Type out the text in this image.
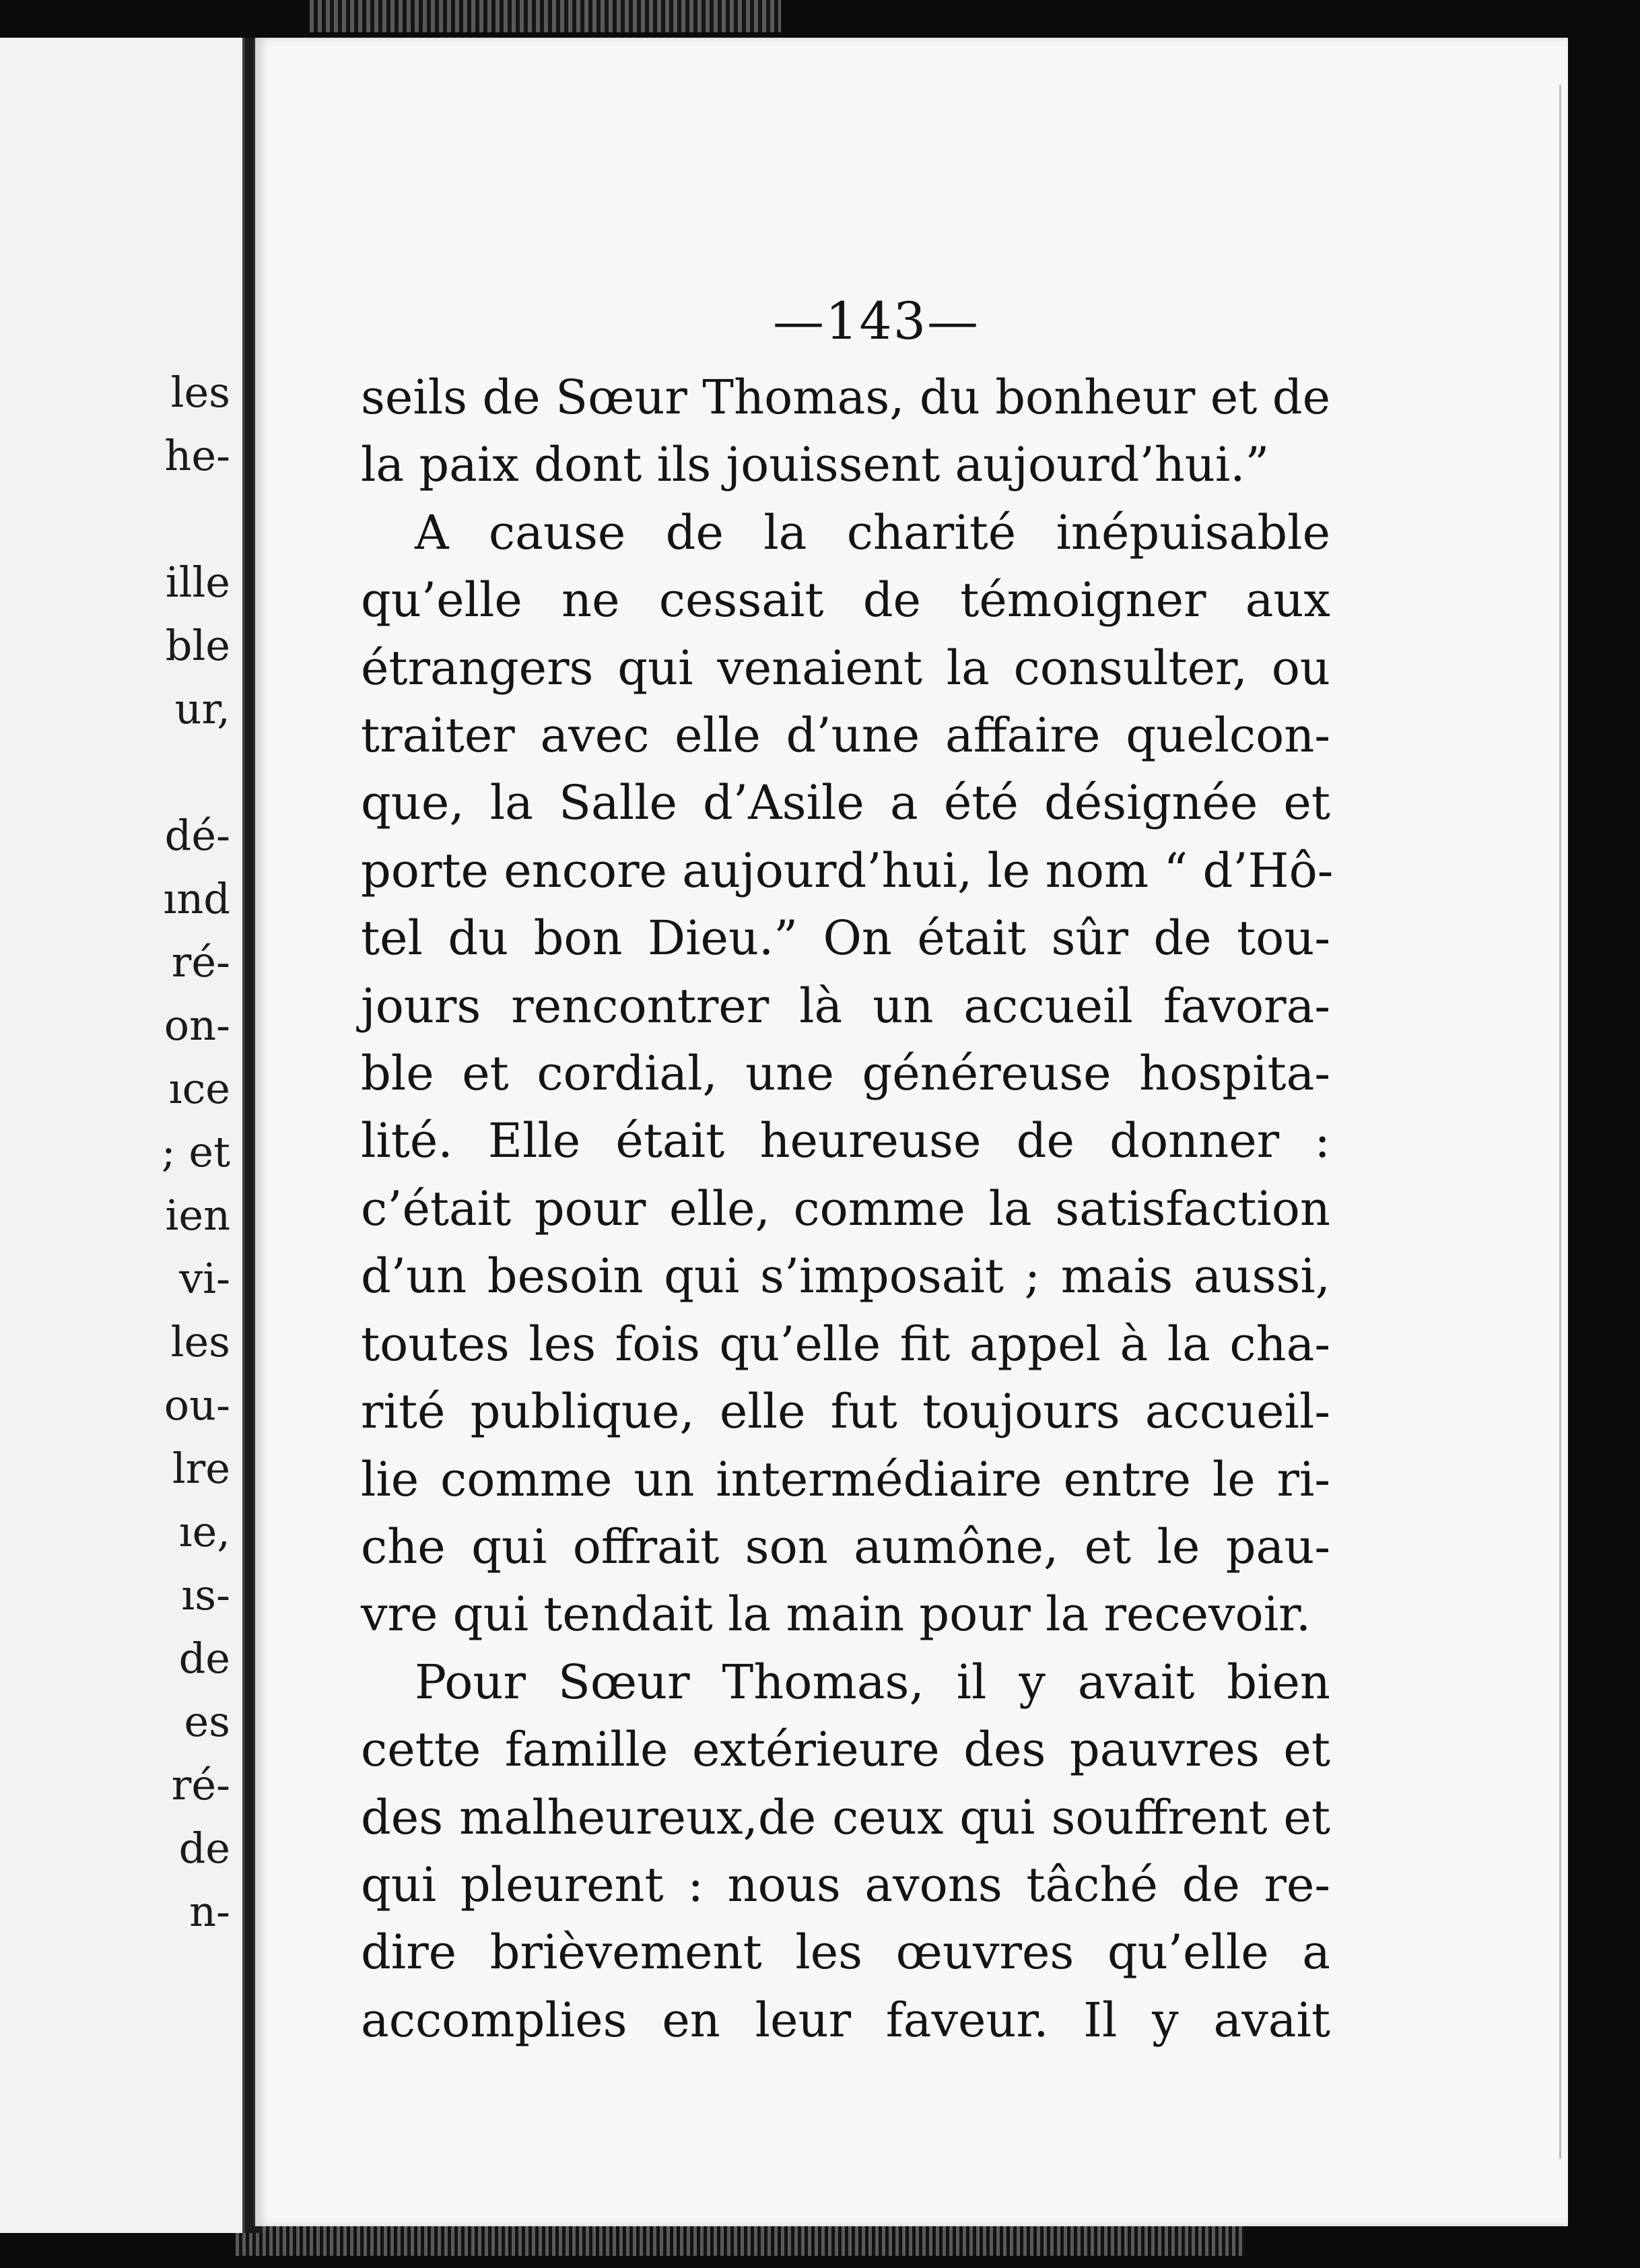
les
he-

ille
ble
ur,

dé-
ınd
ré-
on-
ıce
; et
ien
vi-
les
ou-
lre
ıe,
ıs-
de
es
ré-
de
n-
—143—
seils de Sœur Thomas, du bonheur et de
la paix dont ils jouissent aujourd’hui.”
A cause de la charité inépuisable
qu’elle ne cessait de témoigner aux
étrangers qui venaient la consulter, ou
traiter avec elle d’une affaire quelcon-
que, la Salle d’Asile a été désignée et
porte encore aujourd’hui, le nom “ d’Hô-
tel du bon Dieu.” On était sûr de tou-
jours rencontrer là un accueil favora-
ble et cordial, une généreuse hospita-
lité. Elle était heureuse de donner :
c’était pour elle, comme la satisfaction
d’un besoin qui s’imposait ; mais aussi,
toutes les fois qu’elle fit appel à la cha-
rité publique, elle fut toujours accueil-
lie comme un intermédiaire entre le ri-
che qui offrait son aumône, et le pau-
vre qui tendait la main pour la recevoir.
Pour Sœur Thomas, il y avait bien
cette famille extérieure des pauvres et
des malheureux,de ceux qui souffrent et
qui pleurent : nous avons tâché de re-
dire brièvement les œuvres qu’elle a
accomplies en leur faveur. Il y avait
